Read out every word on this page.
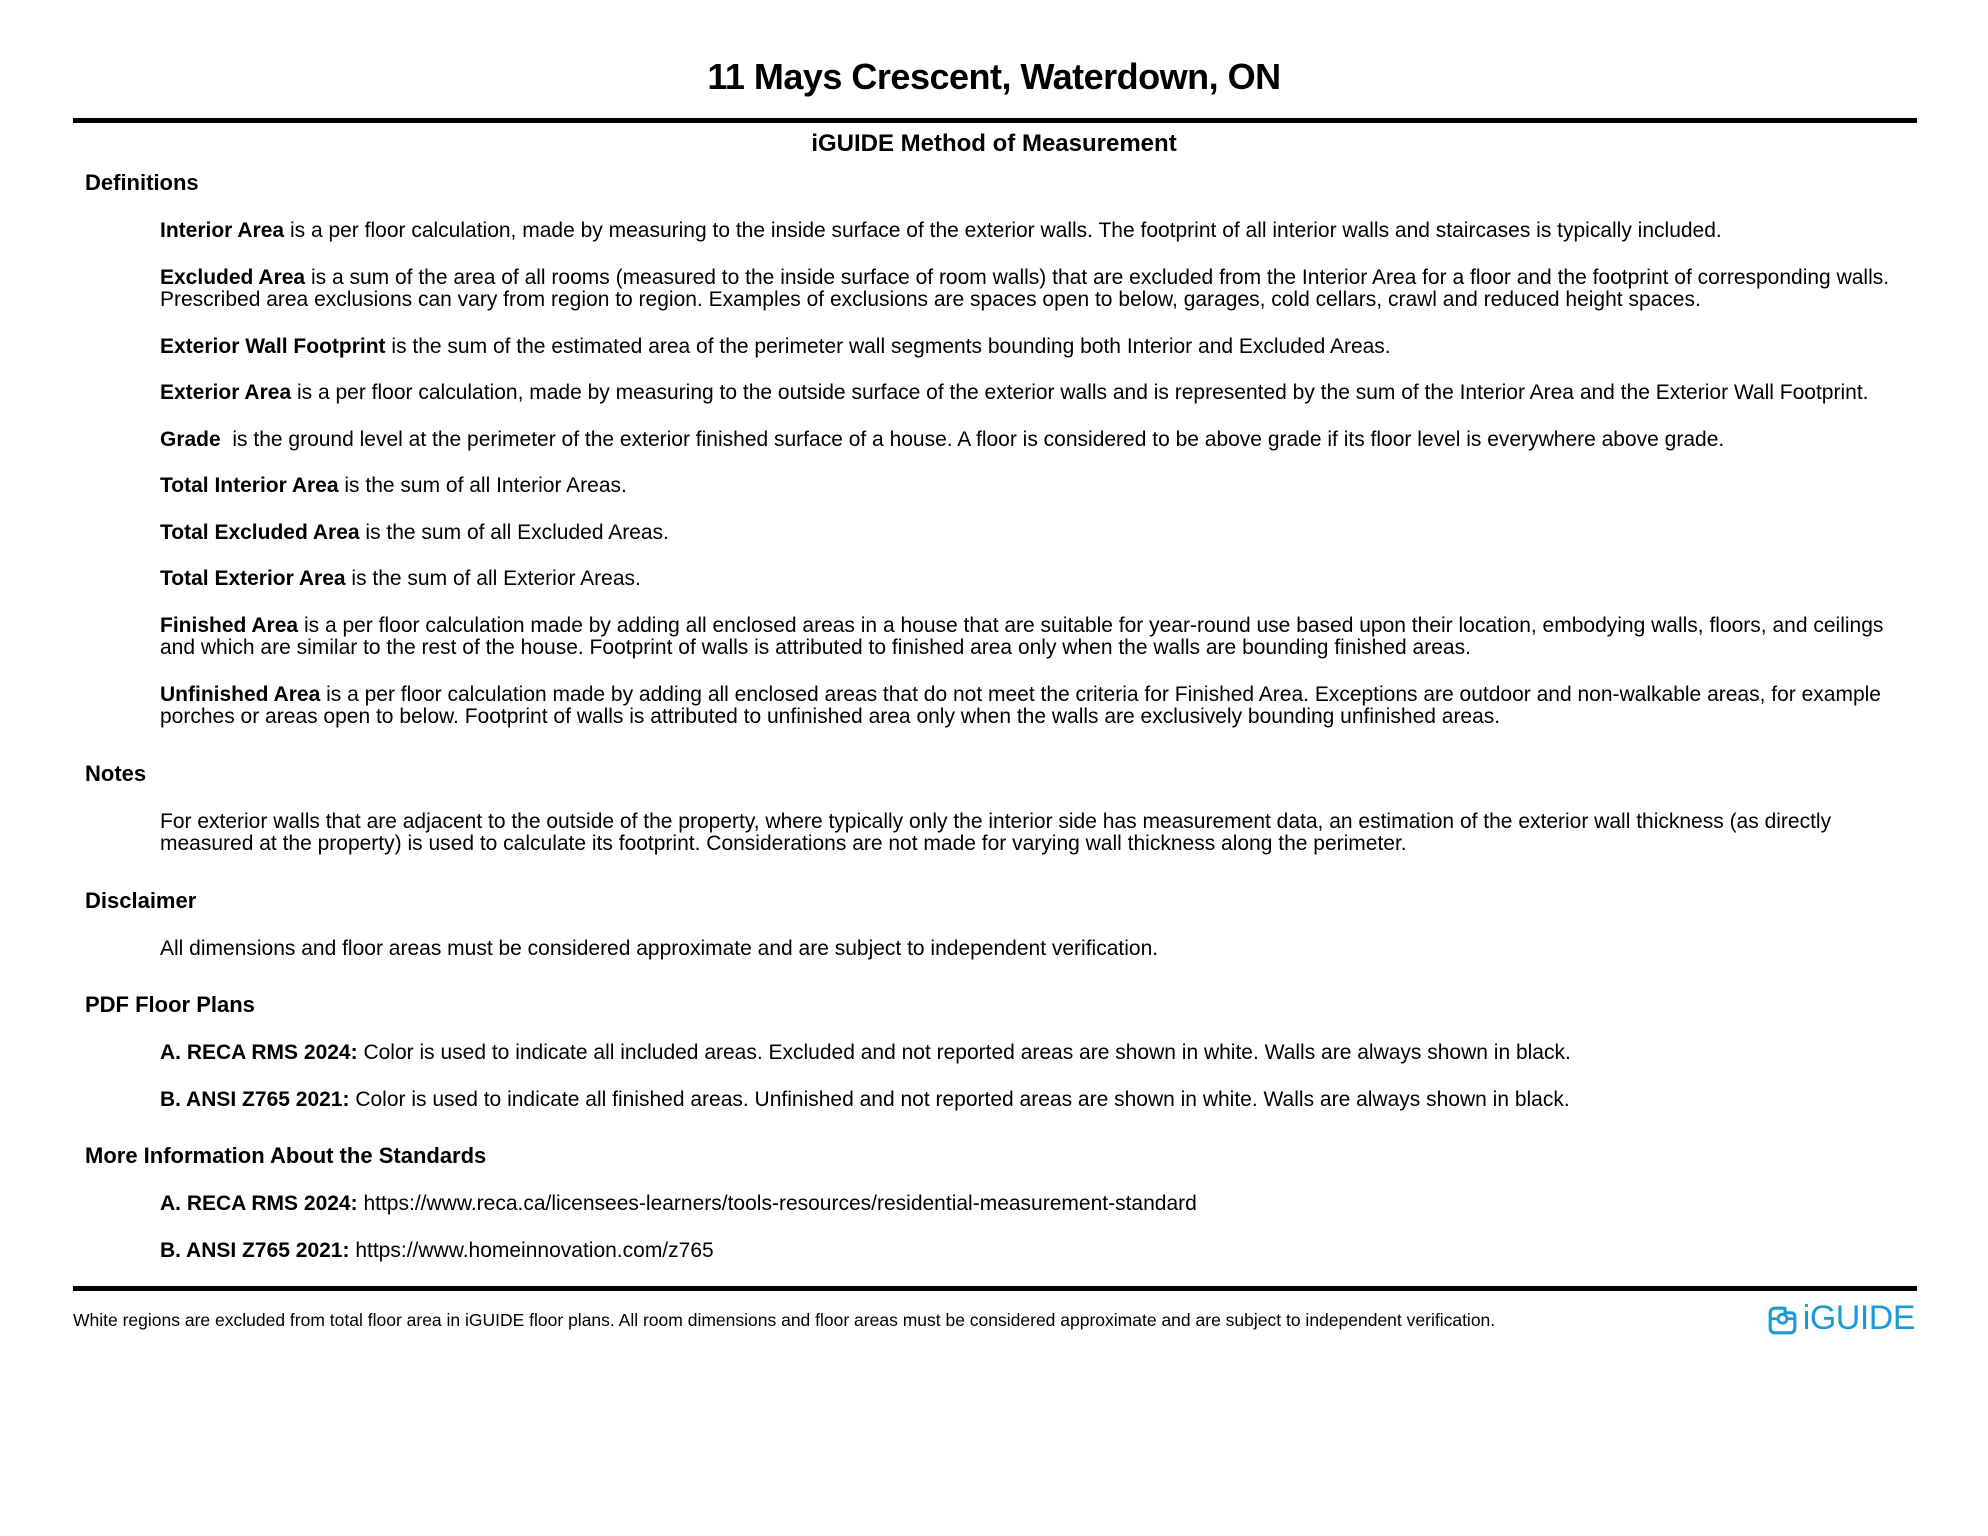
11 Mays Crescent, Waterdown, ON
iGUIDE Method of Measurement
Definitions

Interior Area is a per floor calculation, made by measuring to the inside surface of the exterior walls. The footprint of all interior walls and staircases is typically included.

Excluded Area is a sum of the area of all rooms (measured to the inside surface of room walls) that are excluded from the Interior Area for a floor and the footprint of corresponding walls. Prescribed area exclusions can vary from region to region. Examples of exclusions are spaces open to below, garages, cold cellars, crawl and reduced height spaces.

Exterior Wall Footprint is the sum of the estimated area of the perimeter wall segments bounding both Interior and Excluded Areas.

Exterior Area is a per floor calculation, made by measuring to the outside surface of the exterior walls and is represented by the sum of the Interior Area and the Exterior Wall Footprint.

Grade is the ground level at the perimeter of the exterior finished surface of a house. A floor is considered to be above grade if its floor level is everywhere above grade.

Total Interior Area is the sum of all Interior Areas.

Total Excluded Area is the sum of all Excluded Areas.

Total Exterior Area is the sum of all Exterior Areas.

Finished Area is a per floor calculation made by adding all enclosed areas in a house that are suitable for year-round use based upon their location, embodying walls, floors, and ceilings and which are similar to the rest of the house. Footprint of walls is attributed to finished area only when the walls are bounding finished areas.

Unfinished Area is a per floor calculation made by adding all enclosed areas that do not meet the criteria for Finished Area. Exceptions are outdoor and non-walkable areas, for example porches or areas open to below. Footprint of walls is attributed to unfinished area only when the walls are exclusively bounding unfinished areas.

Notes

For exterior walls that are adjacent to the outside of the property, where typically only the interior side has measurement data, an estimation of the exterior wall thickness (as directly measured at the property) is used to calculate its footprint. Considerations are not made for varying wall thickness along the perimeter.

Disclaimer

All dimensions and floor areas must be considered approximate and are subject to independent verification.

PDF Floor Plans

A. RECA RMS 2024: Color is used to indicate all included areas. Excluded and not reported areas are shown in white. Walls are always shown in black.

B. ANSI Z765 2021: Color is used to indicate all finished areas. Unfinished and not reported areas are shown in white. Walls are always shown in black.

More Information About the Standards

A. RECA RMS 2024: https://www.reca.ca/licensees-learners/tools-resources/residential-measurement-standard

B. ANSI Z765 2021: https://www.homeinnovation.com/z765

White regions are excluded from total floor area in iGUIDE floor plans. All room dimensions and floor areas must be considered approximate and are subject to independent verification.	iGUIDE
